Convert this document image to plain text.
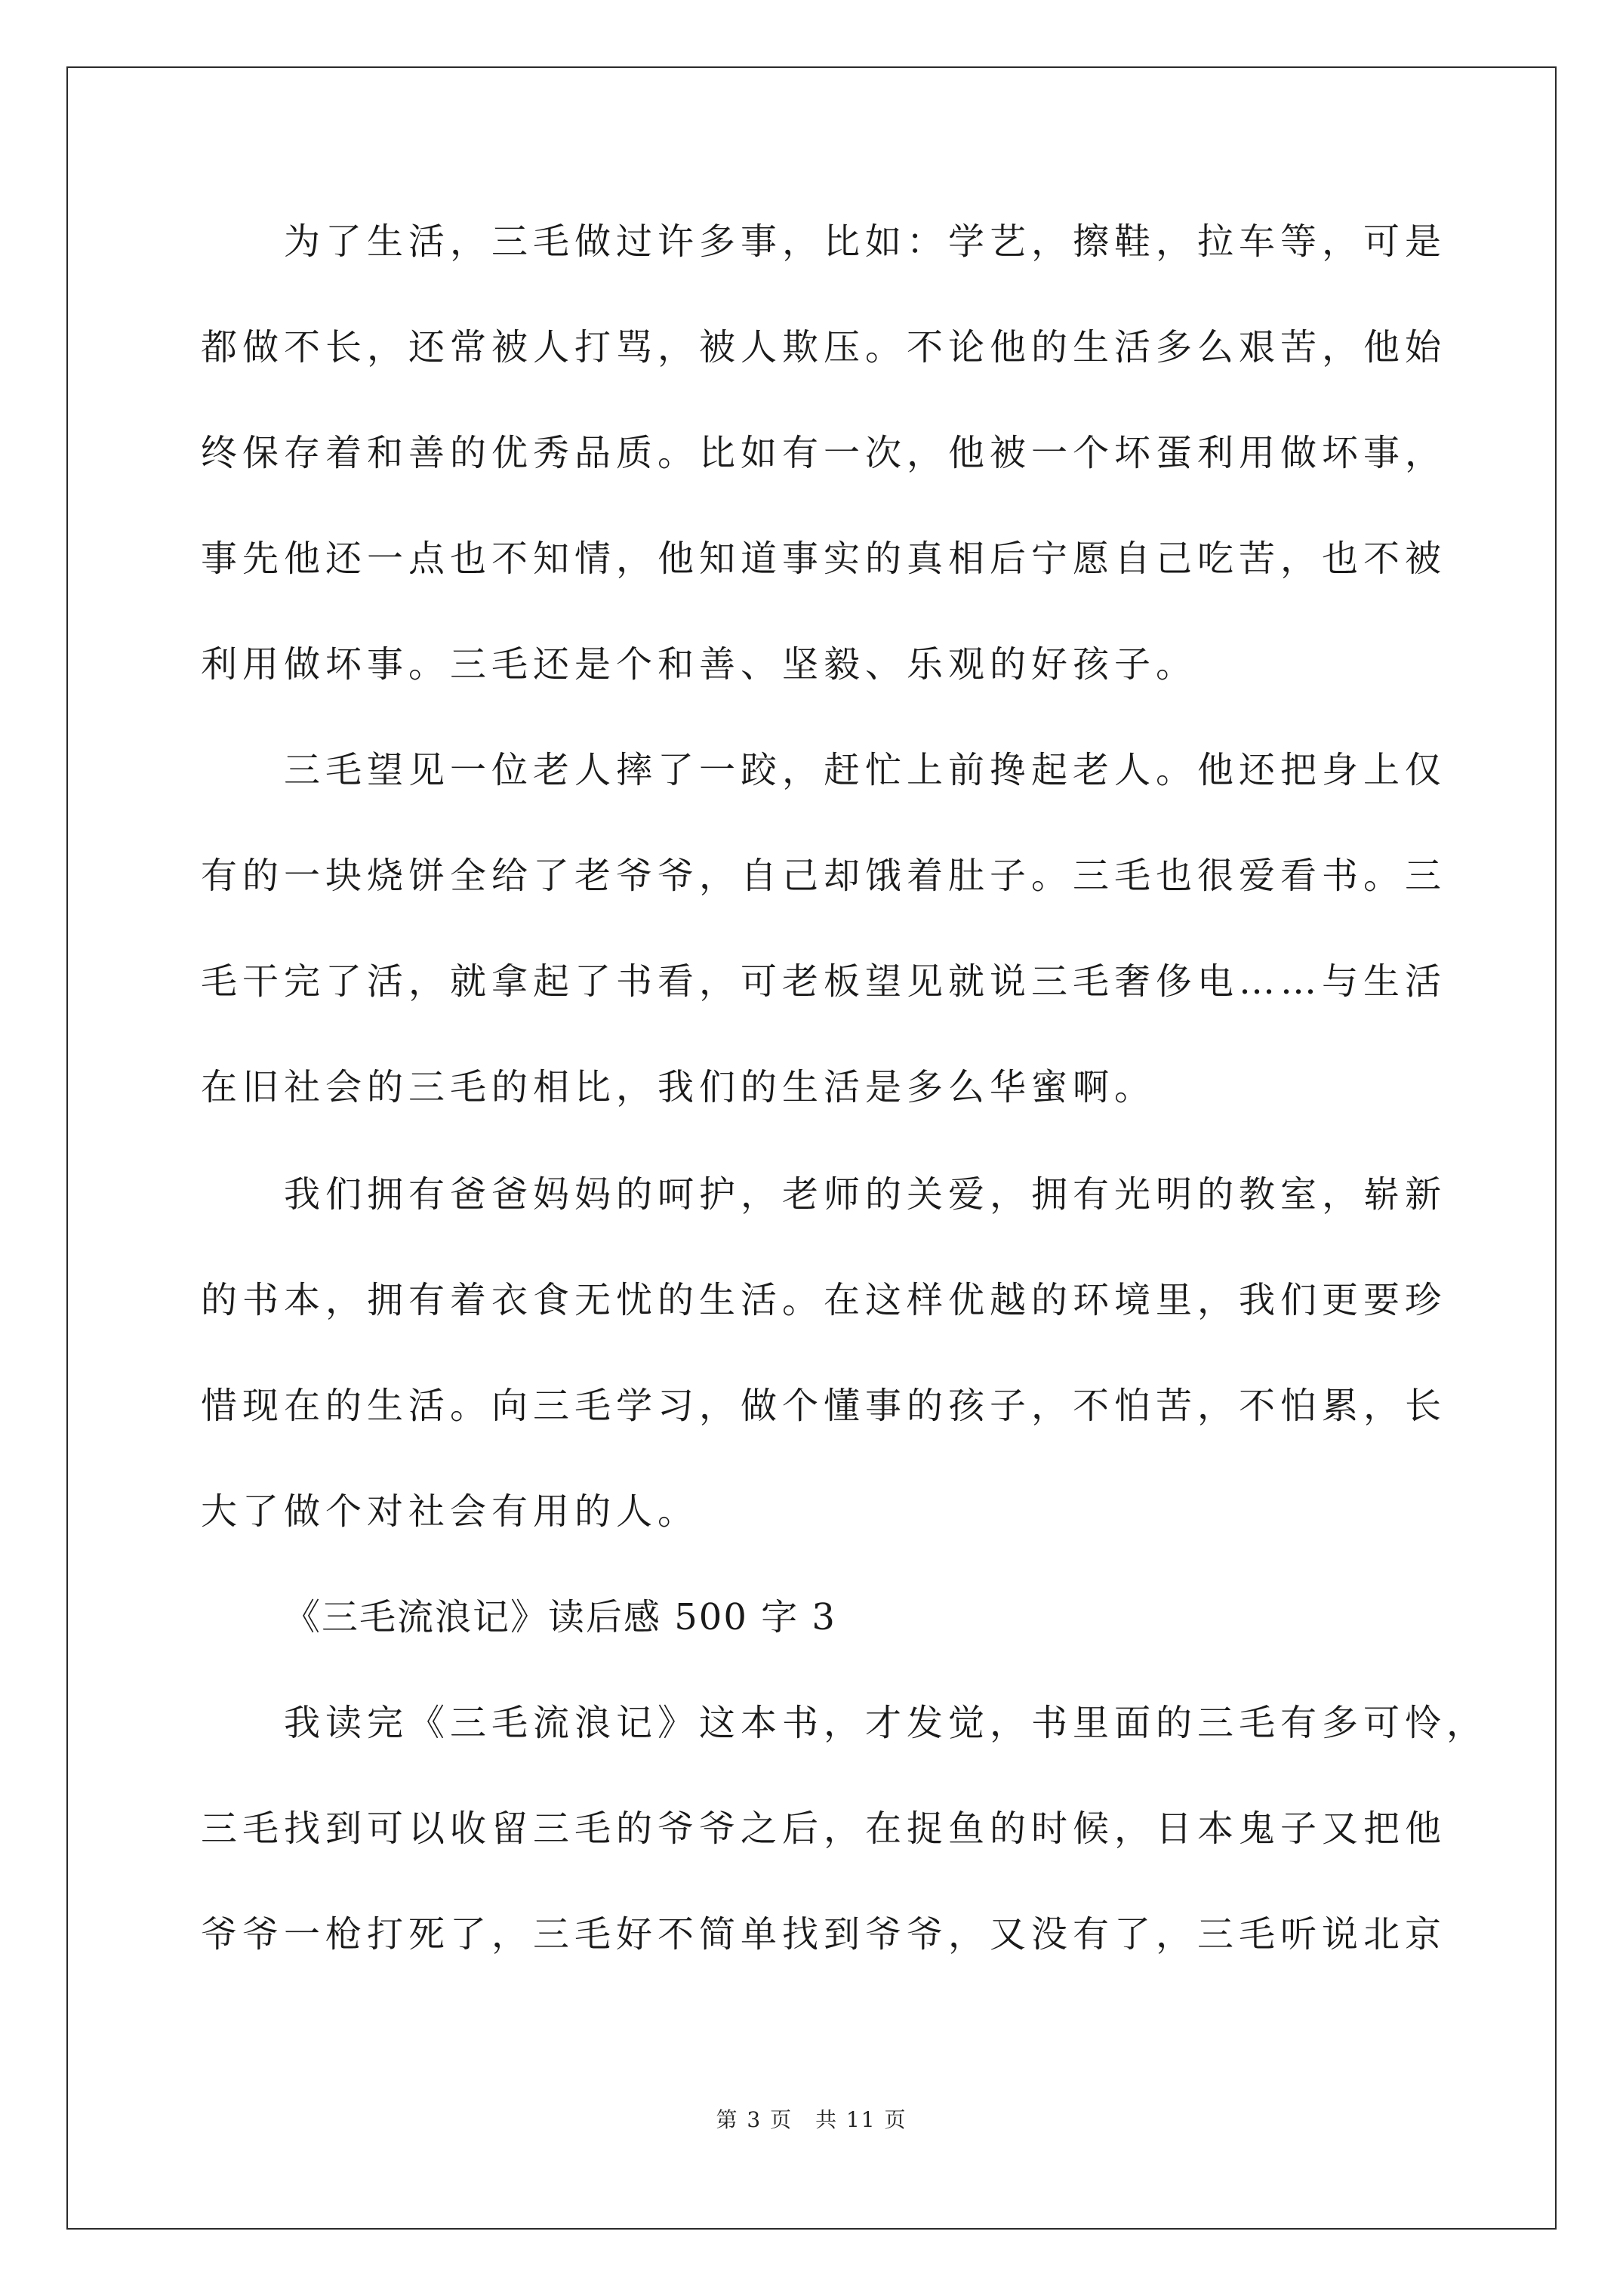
为了生活，三毛做过许多事，比如：学艺，擦鞋，拉车等，可是
都做不长，还常被人打骂，被人欺压。不论他的生活多么艰苦，他始
终保存着和善的优秀品质。比如有一次，他被一个坏蛋利用做坏事，
事先他还一点也不知情，他知道事实的真相后宁愿自己吃苦，也不被
利用做坏事。三毛还是个和善、坚毅、乐观的好孩子。
三毛望见一位老人摔了一跤，赶忙上前搀起老人。他还把身上仅
有的一块烧饼全给了老爷爷，自己却饿着肚子。三毛也很爱看书。三
毛干完了活，就拿起了书看，可老板望见就说三毛奢侈电……与生活
在旧社会的三毛的相比，我们的生活是多么华蜜啊。
我们拥有爸爸妈妈的呵护，老师的关爱，拥有光明的教室，崭新
的书本，拥有着衣食无忧的生活。在这样优越的环境里，我们更要珍
惜现在的生活。向三毛学习，做个懂事的孩子，不怕苦，不怕累，长
大了做个对社会有用的人。
《三毛流浪记》读后感 500 字 3
我读完《三毛流浪记》这本书，才发觉，书里面的三毛有多可怜，
三毛找到可以收留三毛的爷爷之后，在捉鱼的时候，日本鬼子又把他
爷爷一枪打死了，三毛好不简单找到爷爷，又没有了，三毛听说北京
第 3 页　共 11 页
